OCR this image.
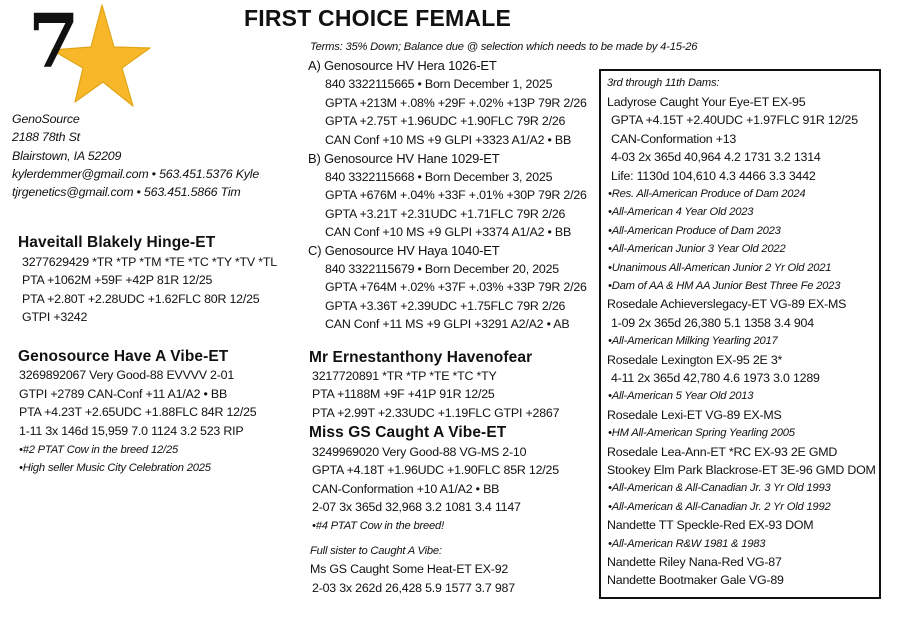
7	FIRST CHOICE FEMALE
Terms: 35% Down; Balance due @ selection which needs to be made by 4-15-26
GenoSource
2188 78th St
Blairstown, IA 52209
kylerdemmer@gmail.com • 563.451.5376 Kyle
tjrgenetics@gmail.com • 563.451.5866 Tim
A) Genosource HV Hera 1026-ET
840 3322115665 • Born December 1, 2025
GPTA +213M +.08% +29F +.02% +13P 79R 2/26
GPTA +2.75T +1.96UDC +1.90FLC 79R 2/26
CAN Conf +10 MS +9 GLPI +3323 A1/A2 • BB
B) Genosource HV Hane 1029-ET
840 3322115668 • Born December 3, 2025
GPTA +676M +.04% +33F +.01% +30P 79R 2/26
GPTA +3.21T +2.31UDC +1.71FLC 79R 2/26
CAN Conf +10 MS +9 GLPI +3374 A1/A2 • BB
C) Genosource HV Haya 1040-ET
840 3322115679 • Born December 20, 2025
GPTA +764M +.02% +37F +.03% +33P 79R 2/26
GPTA +3.36T +2.39UDC +1.75FLC 79R 2/26
CAN Conf +11 MS +9 GLPI +3291 A2/A2 • AB
Haveitall Blakely Hinge-ET
3277629429 *TR *TP *TM *TE *TC *TY *TV *TL
PTA +1062M +59F +42P 81R 12/25
PTA +2.80T +2.28UDC +1.62FLC 80R 12/25
GTPI +3242
Genosource Have A Vibe-ET
3269892067 Very Good-88 EVVVV 2-01
GTPI +2789 CAN-Conf +11 A1/A2 • BB
PTA +4.23T +2.65UDC +1.88FLC 84R 12/25
1-11 3x 146d 15,959 7.0 1124 3.2 523 RIP
•#2 PTAT Cow in the breed 12/25
•High seller Music City Celebration 2025
Mr Ernestanthony Havenofear
3217720891 *TR *TP *TE *TC *TY
PTA +1188M +9F +41P 91R 12/25
PTA +2.99T +2.33UDC +1.19FLC GTPI +2867
Miss GS Caught A Vibe-ET
3249969020 Very Good-88 VG-MS 2-10
GPTA +4.18T +1.96UDC +1.90FLC 85R 12/25
CAN-Conformation +10 A1/A2 • BB
2-07 3x 365d 32,968 3.2 1081 3.4 1147
•#4 PTAT Cow in the breed!
Full sister to Caught A Vibe:
Ms GS Caught Some Heat-ET EX-92
2-03 3x 262d 26,428 5.9 1577 3.7 987
3rd through 11th Dams:
Ladyrose Caught Your Eye-ET EX-95
GPTA +4.15T +2.40UDC +1.97FLC 91R 12/25
CAN-Conformation +13
4-03 2x 365d 40,964 4.2 1731 3.2 1314
Life: 1130d 104,610 4.3 4466 3.3 3442
•Res. All-American Produce of Dam 2024
•All-American 4 Year Old 2023
•All-American Produce of Dam 2023
•All-American Junior 3 Year Old 2022
•Unanimous All-American Junior 2 Yr Old 2021
•Dam of AA & HM AA Junior Best Three Fe 2023
Rosedale Achieverslegacy-ET VG-89 EX-MS
1-09 2x 365d 26,380 5.1 1358 3.4 904
•All-American Milking Yearling 2017
Rosedale Lexington EX-95 2E 3*
4-11 2x 365d 42,780 4.6 1973 3.0 1289
•All-American 5 Year Old 2013
Rosedale Lexi-ET VG-89 EX-MS
•HM All-American Spring Yearling 2005
Rosedale Lea-Ann-ET *RC EX-93 2E GMD
Stookey Elm Park Blackrose-ET 3E-96 GMD DOM
•All-American & All-Canadian Jr. 3 Yr Old 1993
•All-American & All-Canadian Jr. 2 Yr Old 1992
Nandette TT Speckle-Red EX-93 DOM
•All-American R&W 1981 & 1983
Nandette Riley Nana-Red VG-87
Nandette Bootmaker Gale VG-89
